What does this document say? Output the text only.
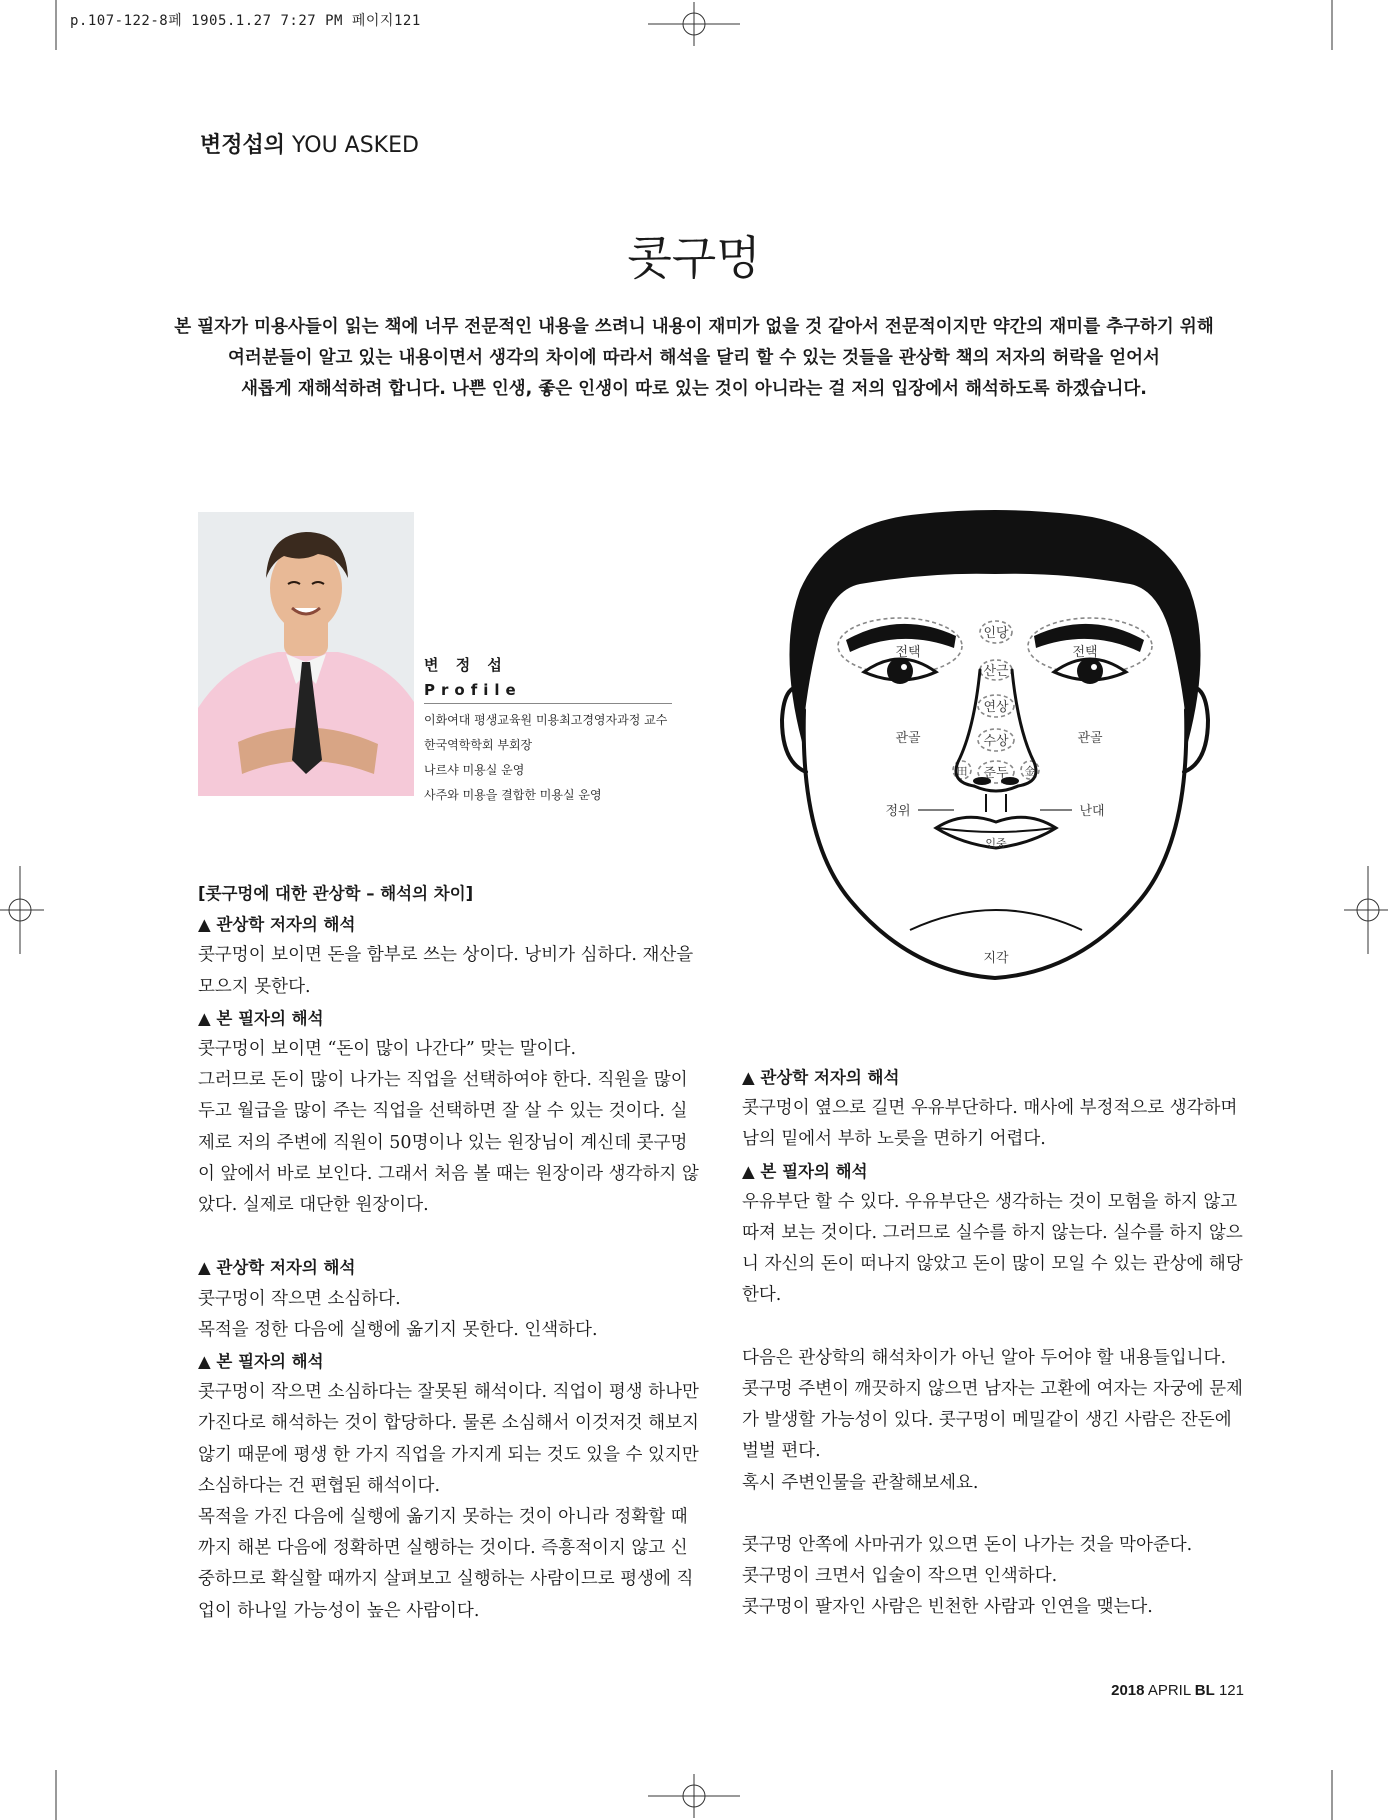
p.107-122-8페 1905.1.27 7:27 PM 페이지121
변정섭의 YOU ASKED
콧구멍
본 필자가 미용사들이 읽는 책에 너무 전문적인 내용을 쓰려니 내용이 재미가 없을 것 같아서 전문적이지만 약간의 재미를 추구하기 위해
여러분들이 알고 있는 내용이면서 생각의 차이에 따라서 해석을 달리 할 수 있는 것들을 관상학 책의 저자의 허락을 얻어서
새롭게 재해석하려 합니다. 나쁜 인생, 좋은 인생이 따로 있는 것이 아니라는 걸 저의 입장에서 해석하도록 하겠습니다.
변 정 섭
Profile
이화여대 평생교육원 미용최고경영자과정 교수
한국역학학회 부회장
나르샤 미용실 운영
사주와 미용을 결합한 미용실 운영
전택	전택
인당
산근
관골	관골
연상
수상
정위
田 준두 金
난대
인중
지각

[콧구멍에 대한 관상학 – 해석의 차이]

▲ 관상학 저자의 해석

콧구멍이 보이면 돈을 함부로 쓰는 상이다. 낭비가 심하다. 재산을 모으지 못한다.

▲ 본 필자의 해석

콧구멍이 보이면 “돈이 많이 나간다” 맞는 말이다.

그러므로 돈이 많이 나가는 직업을 선택하여야 한다. 직원을 많이 두고 월급을 많이 주는 직업을 선택하면 잘 살 수 있는 것이다. 실제로 저의 주변에 직원이 50명이나 있는 원장님이 계신데 콧구멍이 앞에서 바로 보인다. 그래서 처음 볼 때는 원장이라 생각하지 않았다. 실제로 대단한 원장이다.

▲ 관상학 저자의 해석

콧구멍이 작으면 소심하다.

목적을 정한 다음에 실행에 옮기지 못한다. 인색하다.

▲ 본 필자의 해석

콧구멍이 작으면 소심하다는 잘못된 해석이다. 직업이 평생 하나만 가진다로 해석하는 것이 합당하다. 물론 소심해서 이것저것 해보지 않기 때문에 평생 한 가지 직업을 가지게 되는 것도 있을 수 있지만 소심하다는 건 편협된 해석이다.

목적을 가진 다음에 실행에 옮기지 못하는 것이 아니라 정확할 때까지 해본 다음에 정확하면 실행하는 것이다. 즉흥적이지 않고 신중하므로 확실할 때까지 살펴보고 실행하는 사람이므로 평생에 직업이 하나일 가능성이 높은 사람이다.

▲ 관상학 저자의 해석

콧구멍이 옆으로 길면 우유부단하다. 매사에 부정적으로 생각하며 남의 밑에서 부하 노릇을 면하기 어렵다.

▲ 본 필자의 해석

우유부단 할 수 있다. 우유부단은 생각하는 것이 모험을 하지 않고 따져 보는 것이다. 그러므로 실수를 하지 않는다. 실수를 하지 않으니 자신의 돈이 떠나지 않았고 돈이 많이 모일 수 있는 관상에 해당한다.

다음은 관상학의 해석차이가 아닌 알아 두어야 할 내용들입니다.

콧구멍 주변이 깨끗하지 않으면 남자는 고환에 여자는 자궁에 문제가 발생할 가능성이 있다. 콧구멍이 메밀같이 생긴 사람은 잔돈에 벌벌 편다.

혹시 주변인물을 관찰해보세요.

콧구멍 안쪽에 사마귀가 있으면 돈이 나가는 것을 막아준다.

콧구멍이 크면서 입술이 작으면 인색하다.

콧구멍이 팔자인 사람은 빈천한 사람과 인연을 맺는다.

2018 APRIL BL 121
